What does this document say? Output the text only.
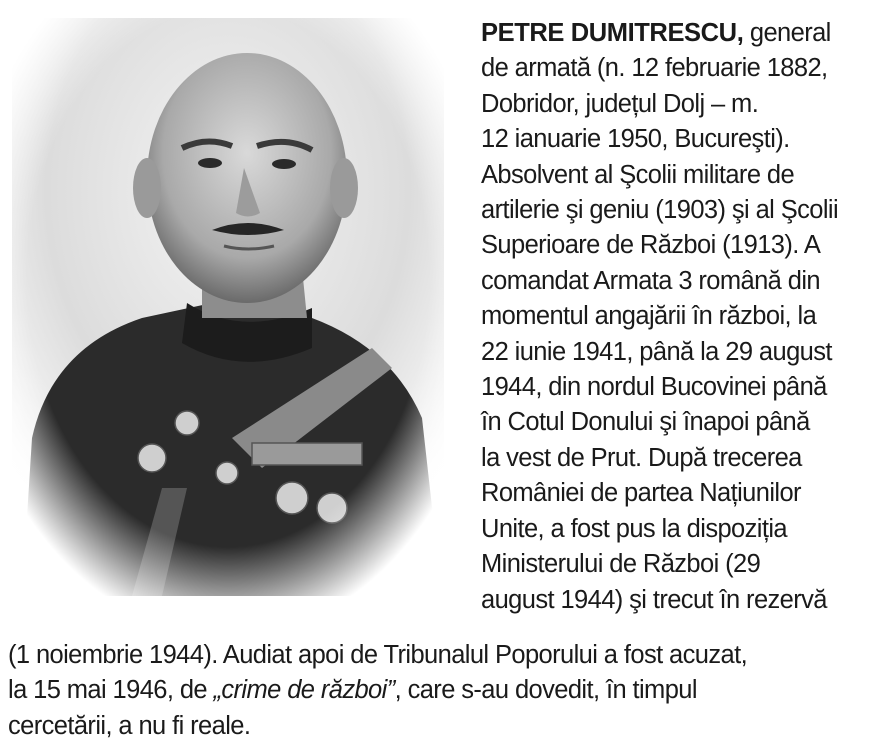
PETRE DUMITRESCU, general
de armată (n. 12 februarie 1882,
Dobridor, județul Dolj – m.
12 ianuarie 1950, Bucureşti).
Absolvent al Şcolii militare de
artilerie şi geniu (1903) şi al Şcolii
Superioare de Război (1913). A
comandat Armata 3 română din
momentul angajării în război, la
22 iunie 1941, până la 29 august
1944, din nordul Bucovinei până
în Cotul Donului şi înapoi până
la vest de Prut. După trecerea
României de partea Națiunilor
Unite, a fost pus la dispoziția
Ministerului de Război (29
august 1944) şi trecut în rezervă
(1 noiembrie 1944). Audiat apoi de Tribunalul Poporului a fost acuzat,
la 15 mai 1946, de „crime de război”, care s-au dovedit, în timpul
cercetării, a nu fi reale.
